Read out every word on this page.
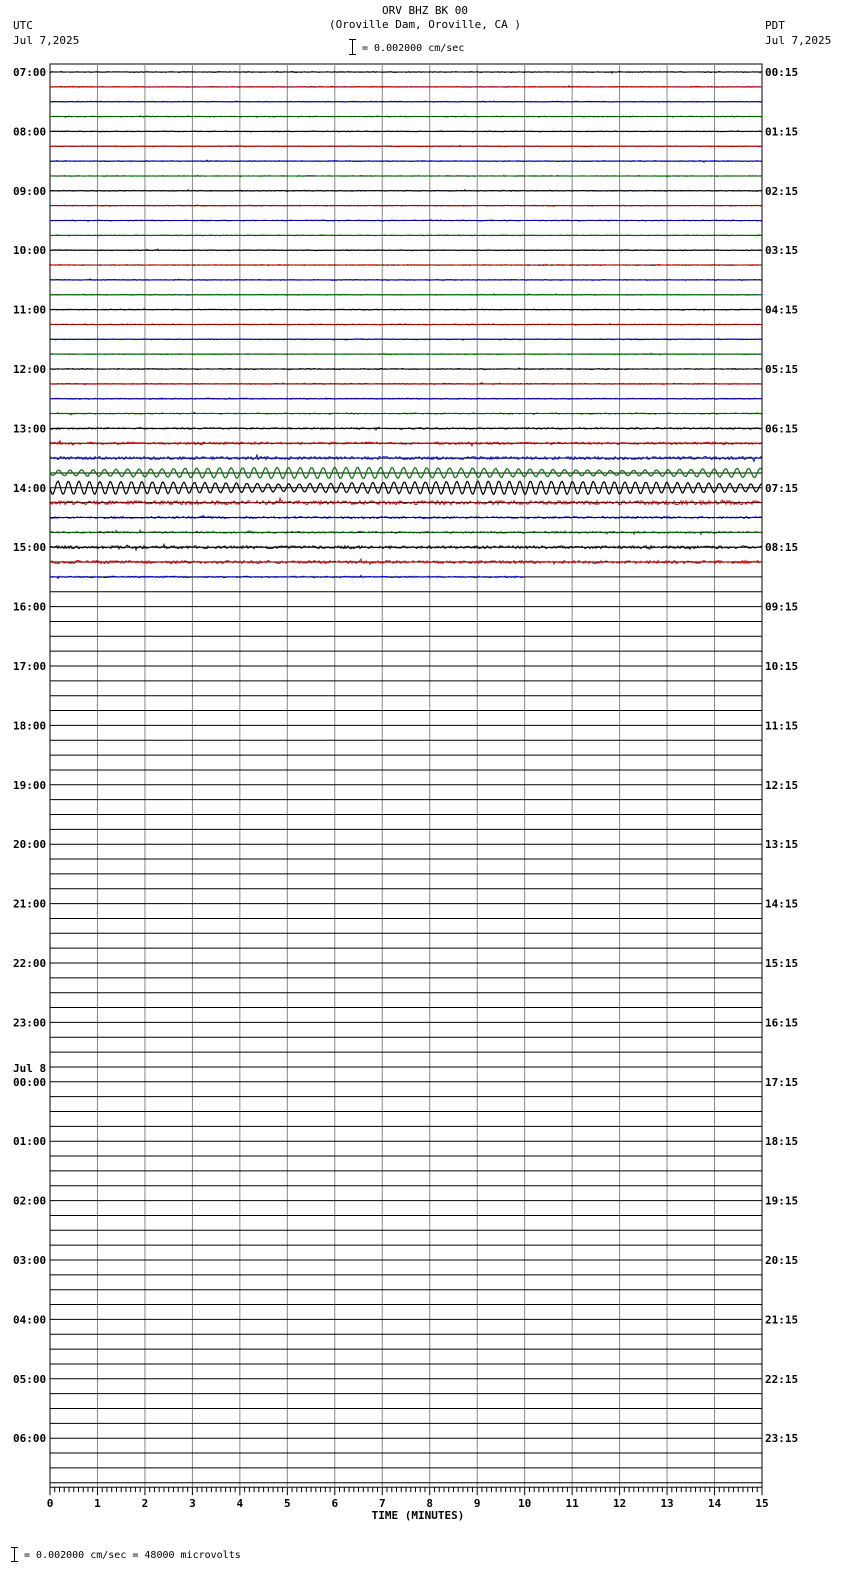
ORV BHZ BK 00
(Oroville Dam, Oroville, CA )
= 0.002000 cm/sec
UTC
Jul 7,2025
PDT
Jul 7,2025
07:00	00:15
08:00	01:15
09:00	02:15
10:00	03:15
11:00	04:15
12:00	05:15
13:00	06:15
14:00	07:15
15:00	08:15
16:00	09:15
17:00	10:15
18:00	11:15
19:00	12:15
20:00	13:15
21:00	14:15
22:00	15:15
23:00	16:15
00:00	17:15
01:00	18:15
02:00	19:15
03:00	20:15
04:00	21:15
05:00	22:15
06:00	23:15
Jul 8
0	1	2	3	4	5	6	7	8	9	10	11	12	13	14	15
TIME (MINUTES)
= 0.002000 cm/sec = 48000 microvolts
